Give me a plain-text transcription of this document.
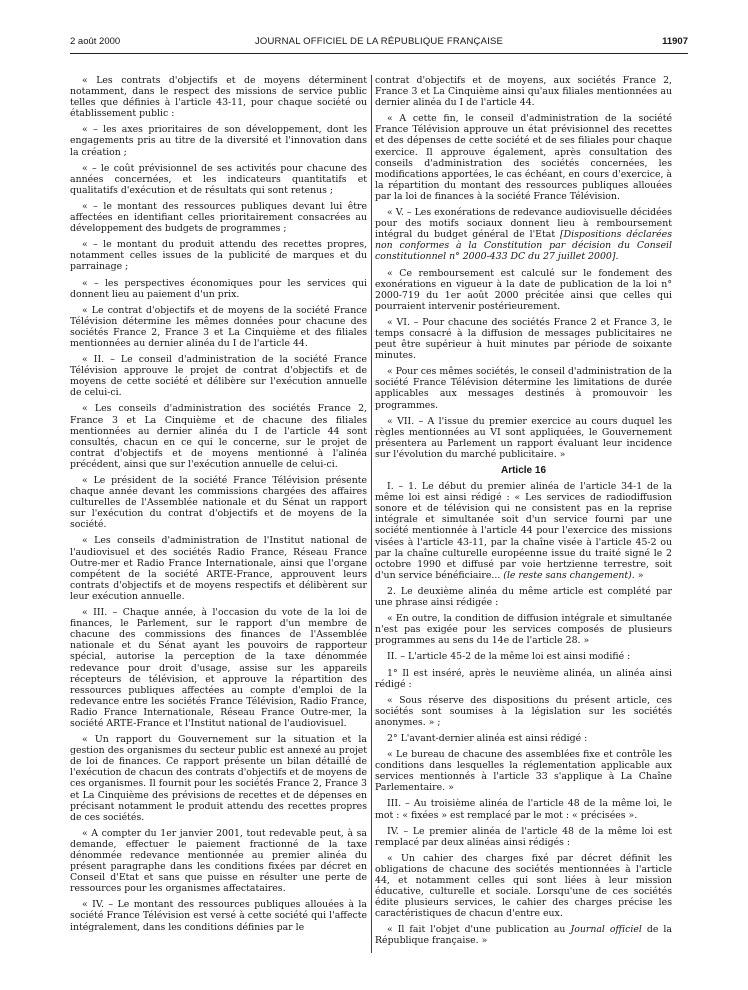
2 août 2000	JOURNAL OFFICIEL DE LA RÉPUBLIQUE FRANÇAISE	11907

« Les contrats d'objectifs et de moyens déterminent notamment, dans le respect des missions de service public telles que définies à l'article 43-11, pour chaque société ou établissement public :

« – les axes prioritaires de son développement, dont les engagements pris au titre de la diversité et l'innovation dans la création ;

« – le coût prévisionnel de ses activités pour chacune des années concernées, et les indicateurs quantitatifs et qualitatifs d'exécution et de résultats qui sont retenus ;

« – le montant des ressources publiques devant lui être affectées en identifiant celles prioritairement consacrées au développement des budgets de programmes ;

« – le montant du produit attendu des recettes propres, notamment celles issues de la publicité de marques et du parrainage ;

« – les perspectives économiques pour les services qui donnent lieu au paiement d'un prix.

« Le contrat d'objectifs et de moyens de la société France Télévision détermine les mêmes données pour chacune des sociétés France 2, France 3 et La Cinquième et des filiales mentionnées au dernier alinéa du I de l'article 44.

« II. – Le conseil d'administration de la société France Télévision approuve le projet de contrat d'objectifs et de moyens de cette société et délibère sur l'exécution annuelle de celui-ci.

« Les conseils d'administration des sociétés France 2, France 3 et La Cinquième et de chacune des filiales mentionnées au dernier alinéa du I de l'article 44 sont consultés, chacun en ce qui le concerne, sur le projet de contrat d'objectifs et de moyens mentionné à l'alinéa précédent, ainsi que sur l'exécution annuelle de celui-ci.

« Le président de la société France Télévision présente chaque année devant les commissions chargées des affaires culturelles de l'Assemblée nationale et du Sénat un rapport sur l'exécution du contrat d'objectifs et de moyens de la société.

« Les conseils d'administration de l'Institut national de l'audiovisuel et des sociétés Radio France, Réseau France Outre-mer et Radio France Internationale, ainsi que l'organe compétent de la société ARTE-France, approuvent leurs contrats d'objectifs et de moyens respectifs et délibèrent sur leur exécution annuelle.

« III. – Chaque année, à l'occasion du vote de la loi de finances, le Parlement, sur le rapport d'un membre de chacune des commissions des finances de l'Assemblée nationale et du Sénat ayant les pouvoirs de rapporteur spécial, autorise la perception de la taxe dénommée redevance pour droit d'usage, assise sur les appareils récepteurs de télévision, et approuve la répartition des ressources publiques affectées au compte d'emploi de la redevance entre les sociétés France Télévision, Radio France, Radio France Internationale, Réseau France Outre-mer, la société ARTE-France et l'Institut national de l'audiovisuel.

« Un rapport du Gouvernement sur la situation et la gestion des organismes du secteur public est annexé au projet de loi de finances. Ce rapport présente un bilan détaillé de l'exécution de chacun des contrats d'objectifs et de moyens de ces organismes. Il fournit pour les sociétés France 2, France 3 et La Cinquième des prévisions de recettes et de dépenses en précisant notamment le produit attendu des recettes propres de ces sociétés.

« A compter du 1er janvier 2001, tout redevable peut, à sa demande, effectuer le paiement fractionné de la taxe dénommée redevance mentionnée au premier alinéa du présent paragraphe dans les conditions fixées par décret en Conseil d'Etat et sans que puisse en résulter une perte de ressources pour les organismes affectataires.

« IV. – Le montant des ressources publiques allouées à la société France Télévision est versé à cette société qui l'affecte intégralement, dans les conditions définies par le

contrat d'objectifs et de moyens, aux sociétés France 2, France 3 et La Cinquième ainsi qu'aux filiales mentionnées au dernier alinéa du I de l'article 44.

« A cette fin, le conseil d'administration de la société France Télévision approuve un état prévisionnel des recettes et des dépenses de cette société et de ses filiales pour chaque exercice. Il approuve également, après consultation des conseils d'administration des sociétés concernées, les modifications apportées, le cas échéant, en cours d'exercice, à la répartition du montant des ressources publiques allouées par la loi de finances à la société France Télévision.

« V. – Les exonérations de redevance audiovisuelle décidées pour des motifs sociaux donnent lieu à remboursement intégral du budget général de l'Etat [Dispositions déclarées non conformes à la Constitution par décision du Conseil constitutionnel n° 2000-433 DC du 27 juillet 2000].

« Ce remboursement est calculé sur le fondement des exonérations en vigueur à la date de publication de la loi n° 2000-719 du 1er août 2000 précitée ainsi que celles qui pourraient intervenir postérieurement.

« VI. – Pour chacune des sociétés France 2 et France 3, le temps consacré à la diffusion de messages publicitaires ne peut être supérieur à huit minutes par période de soixante minutes.

« Pour ces mêmes sociétés, le conseil d'administration de la société France Télévision détermine les limitations de durée applicables aux messages destinés à promouvoir les programmes.

« VII. – A l'issue du premier exercice au cours duquel les règles mentionnées au VI sont appliquées, le Gouvernement présentera au Parlement un rapport évaluant leur incidence sur l'évolution du marché publicitaire. »

Article 16

I. – 1. Le début du premier alinéa de l'article 34-1 de la même loi est ainsi rédigé : « Les services de radiodiffusion sonore et de télévision qui ne consistent pas en la reprise intégrale et simultanée soit d'un service fourni par une société mentionnée à l'article 44 pour l'exercice des missions visées à l'article 43-11, par la chaîne visée à l'article 45-2 ou par la chaîne culturelle européenne issue du traité signé le 2 octobre 1990 et diffusé par voie hertzienne terrestre, soit d'un service bénéficiaire... (le reste sans changement). »

2. Le deuxième alinéa du même article est complété par une phrase ainsi rédigée :

« En outre, la condition de diffusion intégrale et simultanée n'est pas exigée pour les services composés de plusieurs programmes au sens du 14e de l'article 28. »

II. – L'article 45-2 de la même loi est ainsi modifié :

1° Il est inséré, après le neuvième alinéa, un alinéa ainsi rédigé :

« Sous réserve des dispositions du présent article, ces sociétés sont soumises à la législation sur les sociétés anonymes. » ;

2° L'avant-dernier alinéa est ainsi rédigé :

« Le bureau de chacune des assemblées fixe et contrôle les conditions dans lesquelles la réglementation applicable aux services mentionnés à l'article 33 s'applique à La Chaîne Parlementaire. »

III. – Au troisième alinéa de l'article 48 de la même loi, le mot : « fixées » est remplacé par le mot : « précisées ».

IV. – Le premier alinéa de l'article 48 de la même loi est remplacé par deux alinéas ainsi rédigés :

« Un cahier des charges fixé par décret définit les obligations de chacune des sociétés mentionnées à l'article 44, et notamment celles qui sont liées à leur mission éducative, culturelle et sociale. Lorsqu'une de ces sociétés édite plusieurs services, le cahier des charges précise les caractéristiques de chacun d'entre eux.

« Il fait l'objet d'une publication au Journal officiel de la République française. »
